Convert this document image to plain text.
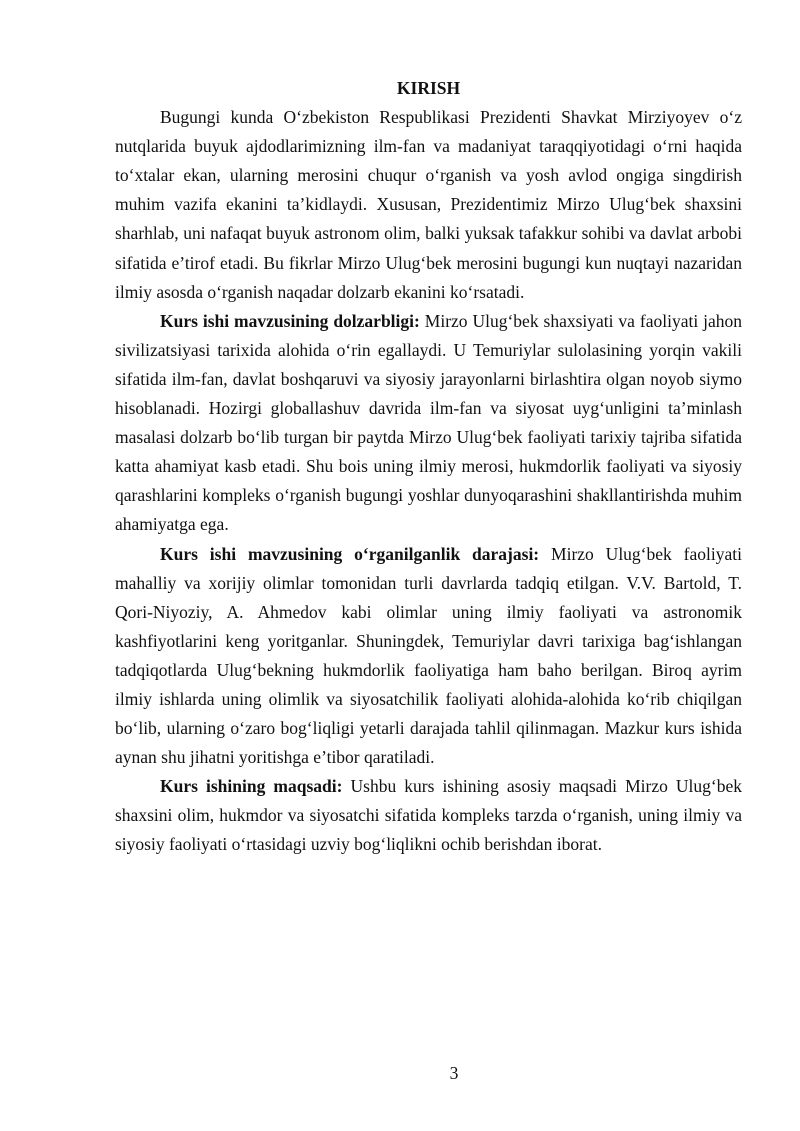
KIRISH

Bugungi kunda O‘zbekiston Respublikasi Prezidenti Shavkat Mirziyoyev o‘z nutqlarida buyuk ajdodlarimizning ilm-fan va madaniyat taraqqiyotidagi o‘rni haqida to‘xtalar ekan, ularning merosini chuqur o‘rganish va yosh avlod ongiga singdirish muhim vazifa ekanini ta’kidlaydi. Xususan, Prezidentimiz Mirzo Ulug‘bek shaxsini sharhlab, uni nafaqat buyuk astronom olim, balki yuksak tafakkur sohibi va davlat arbobi sifatida e’tirof etadi. Bu fikrlar Mirzo Ulug‘bek merosini bugungi kun nuqtayi nazaridan ilmiy asosda o‘rganish naqadar dolzarb ekanini ko‘rsatadi.

Kurs ishi mavzusining dolzarbligi: Mirzo Ulug‘bek shaxsiyati va faoliyati jahon sivilizatsiyasi tarixida alohida o‘rin egallaydi. U Temuriylar sulolasining yorqin vakili sifatida ilm-fan, davlat boshqaruvi va siyosiy jarayonlarni birlashtira olgan noyob siymo hisoblanadi. Hozirgi globallashuv davrida ilm-fan va siyosat uyg‘unligini ta’minlash masalasi dolzarb bo‘lib turgan bir paytda Mirzo Ulug‘bek faoliyati tarixiy tajriba sifatida katta ahamiyat kasb etadi. Shu bois uning ilmiy merosi, hukmdorlik faoliyati va siyosiy qarashlarini kompleks o‘rganish bugungi yoshlar dunyoqarashini shakllantirishda muhim ahamiyatga ega.

Kurs ishi mavzusining o‘rganilganlik darajasi: Mirzo Ulug‘bek faoliyati mahalliy va xorijiy olimlar tomonidan turli davrlarda tadqiq etilgan. V.V. Bartold, T. Qori-Niyoziy, A. Ahmedov kabi olimlar uning ilmiy faoliyati va astronomik kashfiyotlarini keng yoritganlar. Shuningdek, Temuriylar davri tarixiga bag‘ishlangan tadqiqotlarda Ulug‘bekning hukmdorlik faoliyatiga ham baho berilgan. Biroq ayrim ilmiy ishlarda uning olimlik va siyosatchilik faoliyati alohida-alohida ko‘rib chiqilgan bo‘lib, ularning o‘zaro bog‘liqligi yetarli darajada tahlil qilinmagan. Mazkur kurs ishida aynan shu jihatni yoritishga e’tibor qaratiladi.

Kurs ishining maqsadi: Ushbu kurs ishining asosiy maqsadi Mirzo Ulug‘bek shaxsini olim, hukmdor va siyosatchi sifatida kompleks tarzda o‘rganish, uning ilmiy va siyosiy faoliyati o‘rtasidagi uzviy bog‘liqlikni ochib berishdan iborat.

3
